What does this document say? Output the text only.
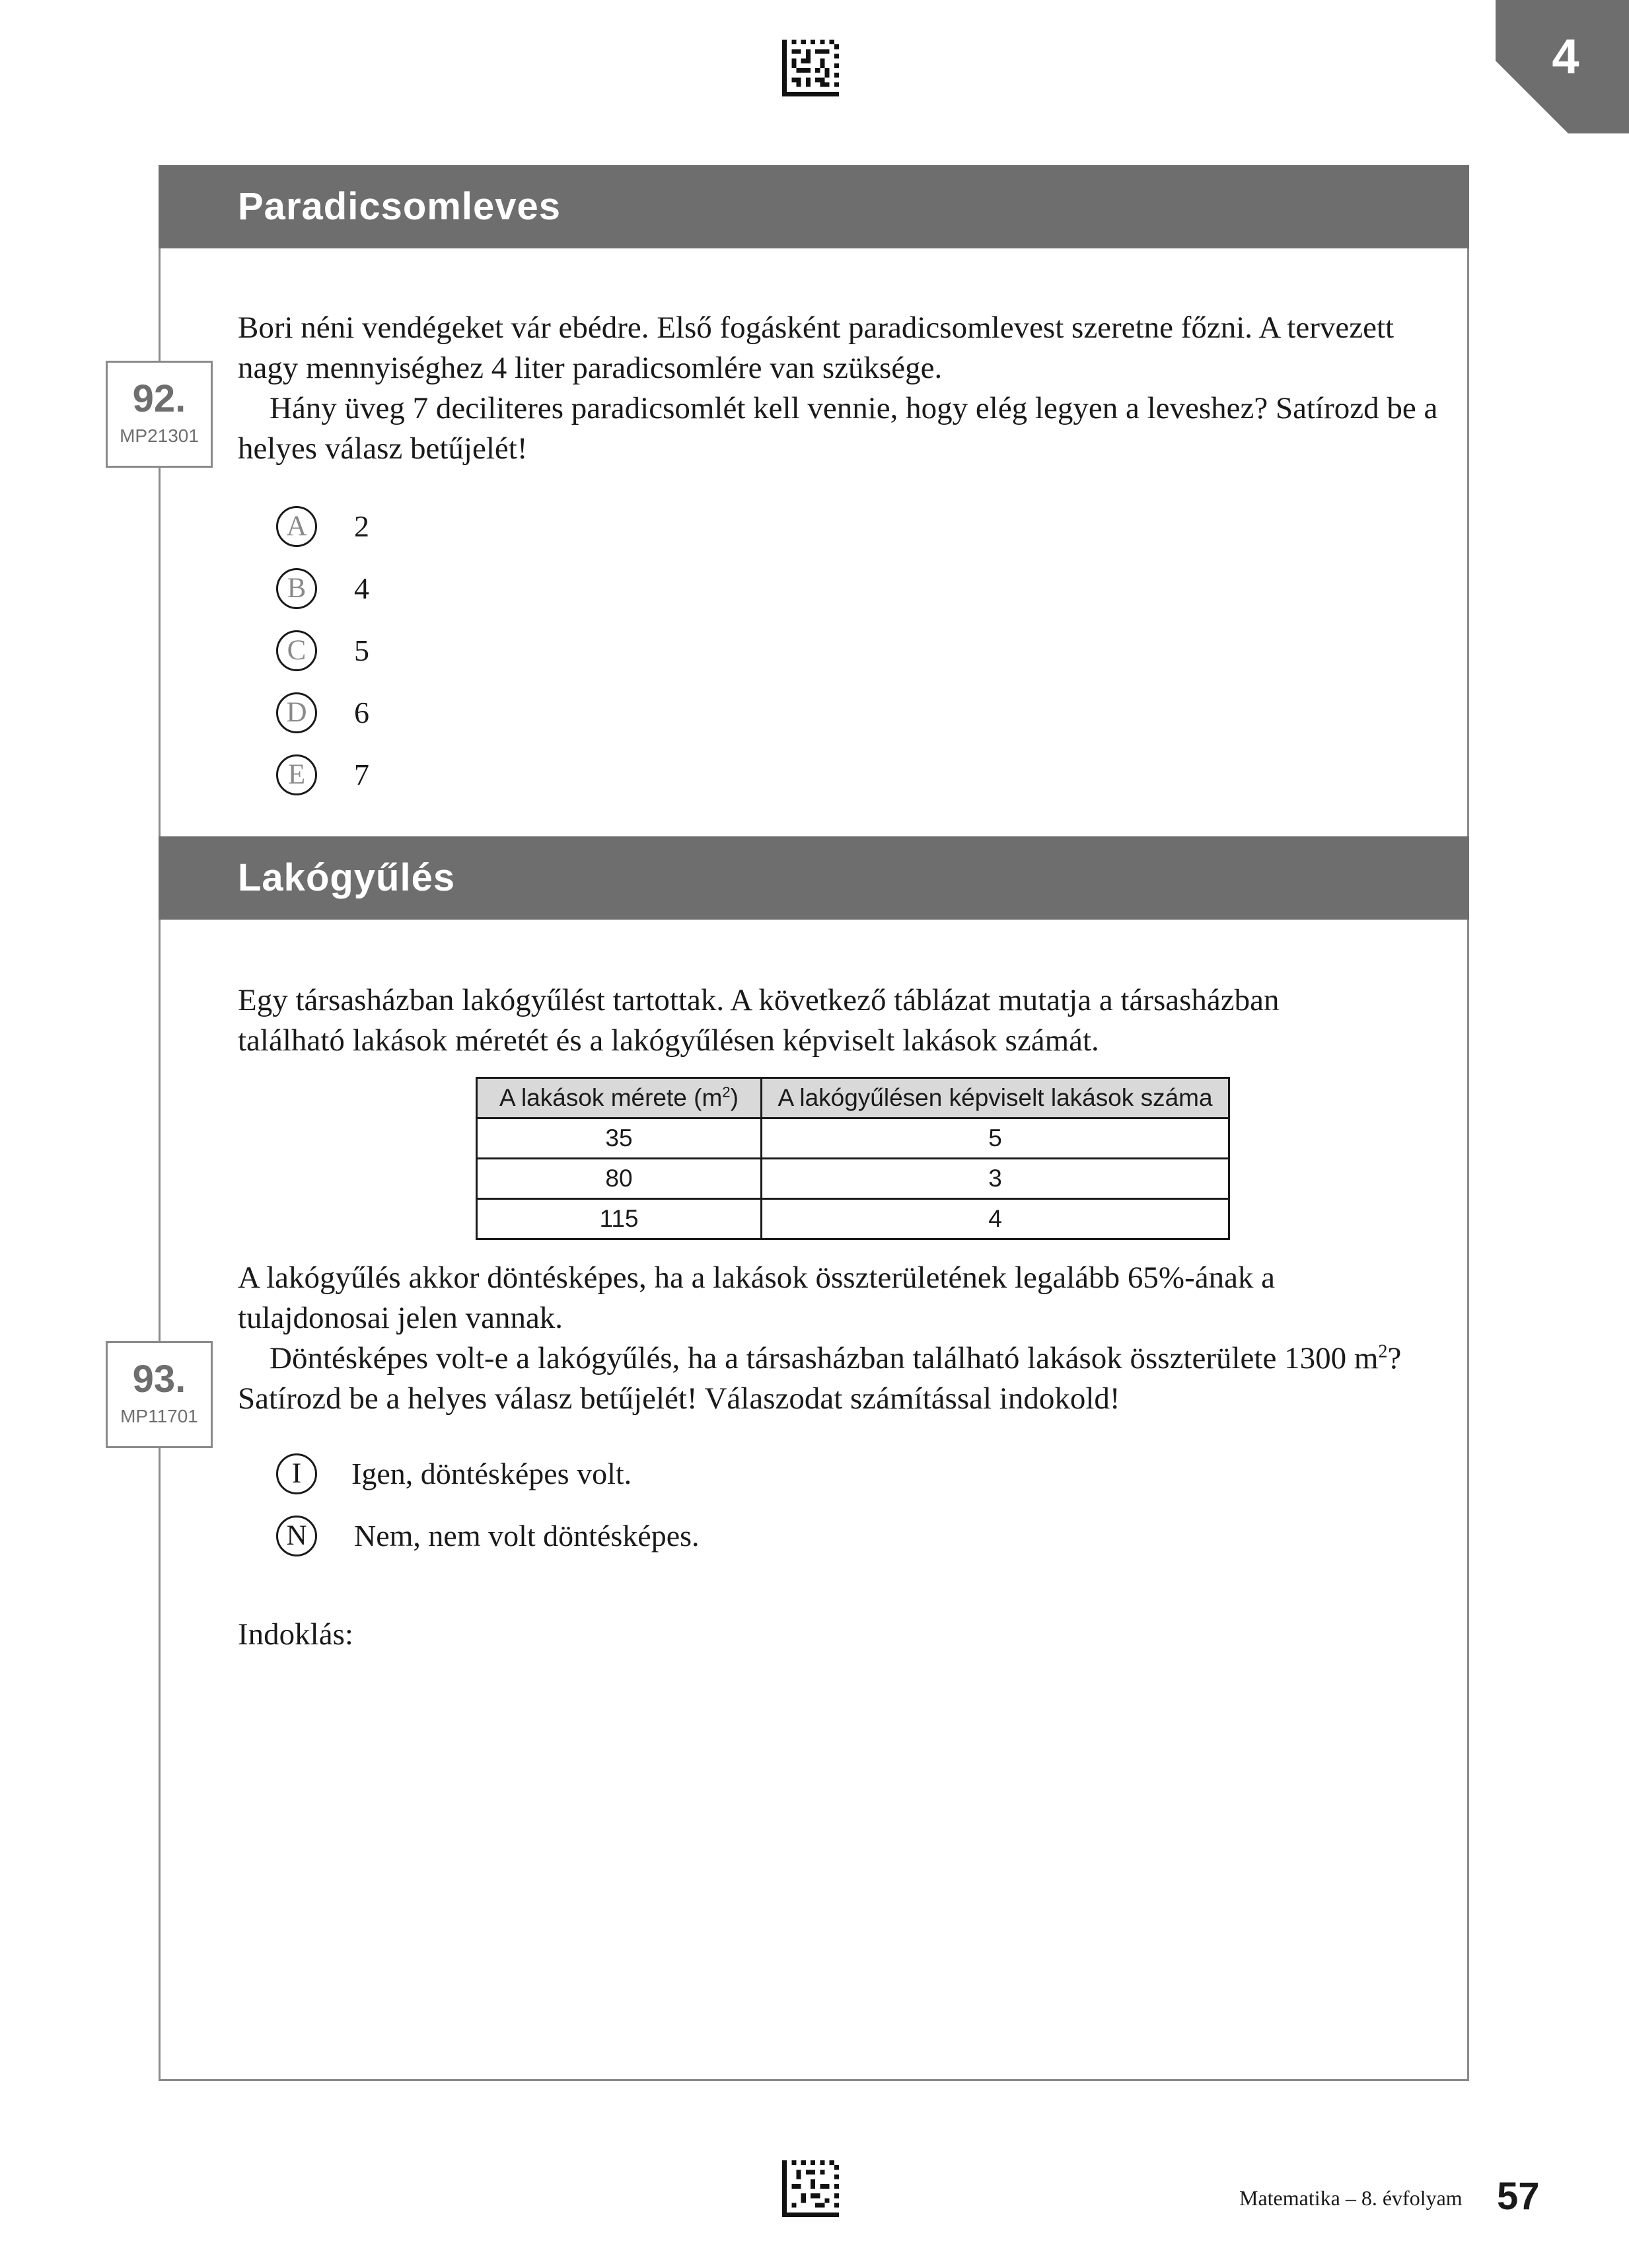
4
Paradicsomleves
92.
MP21301

Bori néni vendégeket vár ebédre. Első fogásként paradicsomlevest szeretne főzni. A tervezett nagy mennyiséghez 4 liter paradicsomlére van szüksége.

Hány üveg 7 deciliteres paradicsomlét kell vennie, hogy elég legyen a leveshez? Satírozd be a helyes válasz betűjelét!

A	2
B	4
C	5
D	6
E	7
Lakógyűlés

Egy társasházban lakógyűlést tartottak. A következő táblázat mutatja a társasházban található lakások méretét és a lakógyűlésen képviselt lakások számát.

A lakások mérete $(m^2)$	A lakógyűlésen képviselt lakások száma
35	5
80	3
115	4
93.
MP11701

A lakógyűlés akkor döntésképes, ha a lakások összterületének legalább 65%-ának a tulajdonosai jelen vannak.

Döntésképes volt-e a lakógyűlés, ha a társasházban található lakások összterülete 1300 $m^2$?

Satírozd be a helyes válasz betűjelét! Válaszodat számítással indokold!

I	Igen, döntésképes volt.
N	Nem, nem volt döntésképes.
Indoklás:
Matematika – 8. évfolyam 57
